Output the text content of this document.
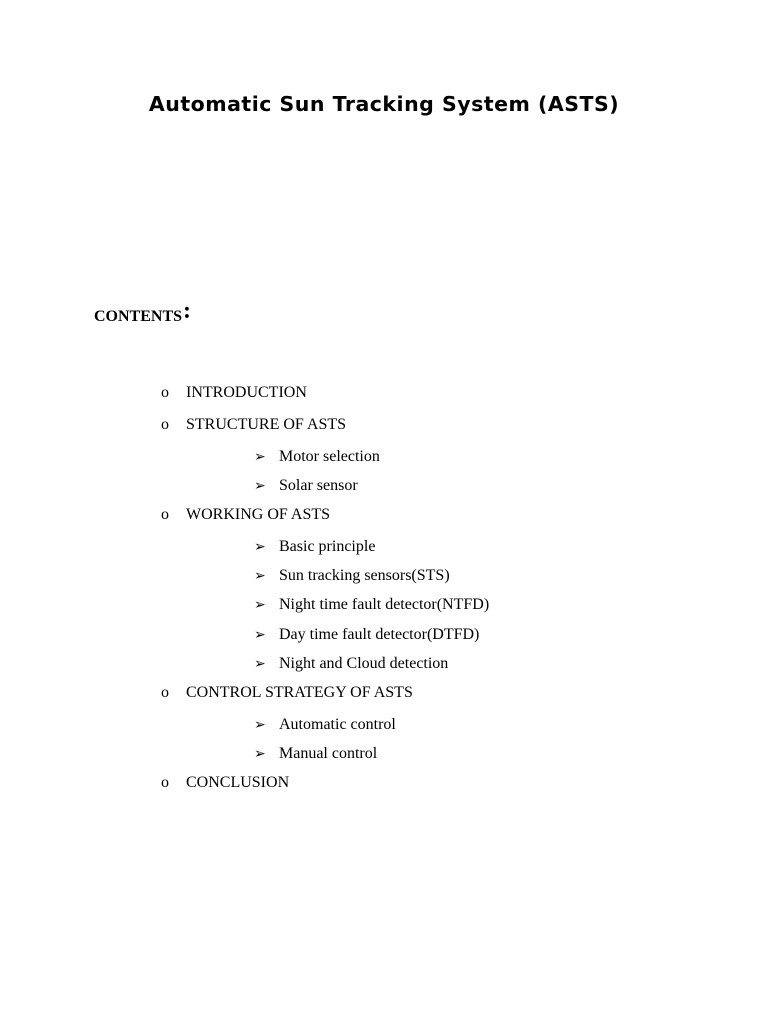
Automatic Sun Tracking System (ASTS)
CONTENTS:
o	INTRODUCTION
o	STRUCTURE OF ASTS
➢ Motor selection
➢ Solar sensor
o	WORKING OF ASTS
➢ Basic principle
➢ Sun tracking sensors(STS)
➢ Night time fault detector(NTFD)
➢ Day time fault detector(DTFD)
➢ Night and Cloud detection
o	CONTROL STRATEGY OF ASTS
➢ Automatic control
➢ Manual control
o	CONCLUSION
